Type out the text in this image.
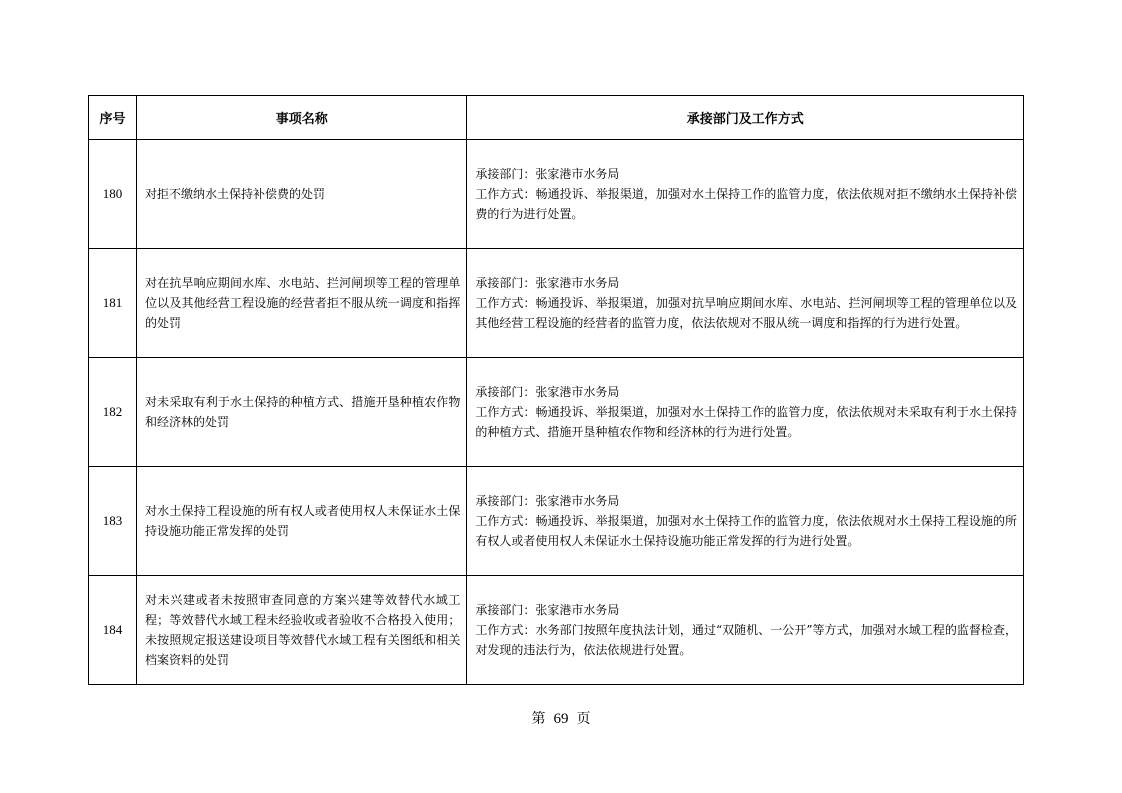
序号	事项名称	承接部门及工作方式
180	对拒不缴纳水土保持补偿费的处罚	承接部门：张家港市水务局
工作方式：畅通投诉、举报渠道，加强对水土保持工作的监管力度，依法依规对拒不缴纳水土保持补偿费的行为进行处置。

181	对在抗旱响应期间水库、水电站、拦河闸坝等工程的管理单位以及其他经营工程设施的经营者拒不服从统一调度和指挥的处罚	承接部门：张家港市水务局
工作方式：畅通投诉、举报渠道，加强对抗旱响应期间水库、水电站、拦河闸坝等工程的管理单位以及其他经营工程设施的经营者的监管力度，依法依规对不服从统一调度和指挥的行为进行处置。

182	对未采取有利于水土保持的种植方式、措施开垦种植农作物和经济林的处罚	承接部门：张家港市水务局
工作方式：畅通投诉、举报渠道，加强对水土保持工作的监管力度，依法依规对未采取有利于水土保持的种植方式、措施开垦种植农作物和经济林的行为进行处置。

183	对水土保持工程设施的所有权人或者使用权人未保证水土保持设施功能正常发挥的处罚	承接部门：张家港市水务局
工作方式：畅通投诉、举报渠道，加强对水土保持工作的监管力度，依法依规对水土保持工程设施的所有权人或者使用权人未保证水土保持设施功能正常发挥的行为进行处置。

184	对未兴建或者未按照审查同意的方案兴建等效替代水域工程；等效替代水域工程未经验收或者验收不合格投入使用；未按照规定报送建设项目等效替代水域工程有关图纸和相关档案资料的处罚	承接部门：张家港市水务局
工作方式：水务部门按照年度执法计划，通过“双随机、一公开”等方式，加强对水域工程的监督检查，对发现的违法行为，依法依规进行处置。
第 69 页
